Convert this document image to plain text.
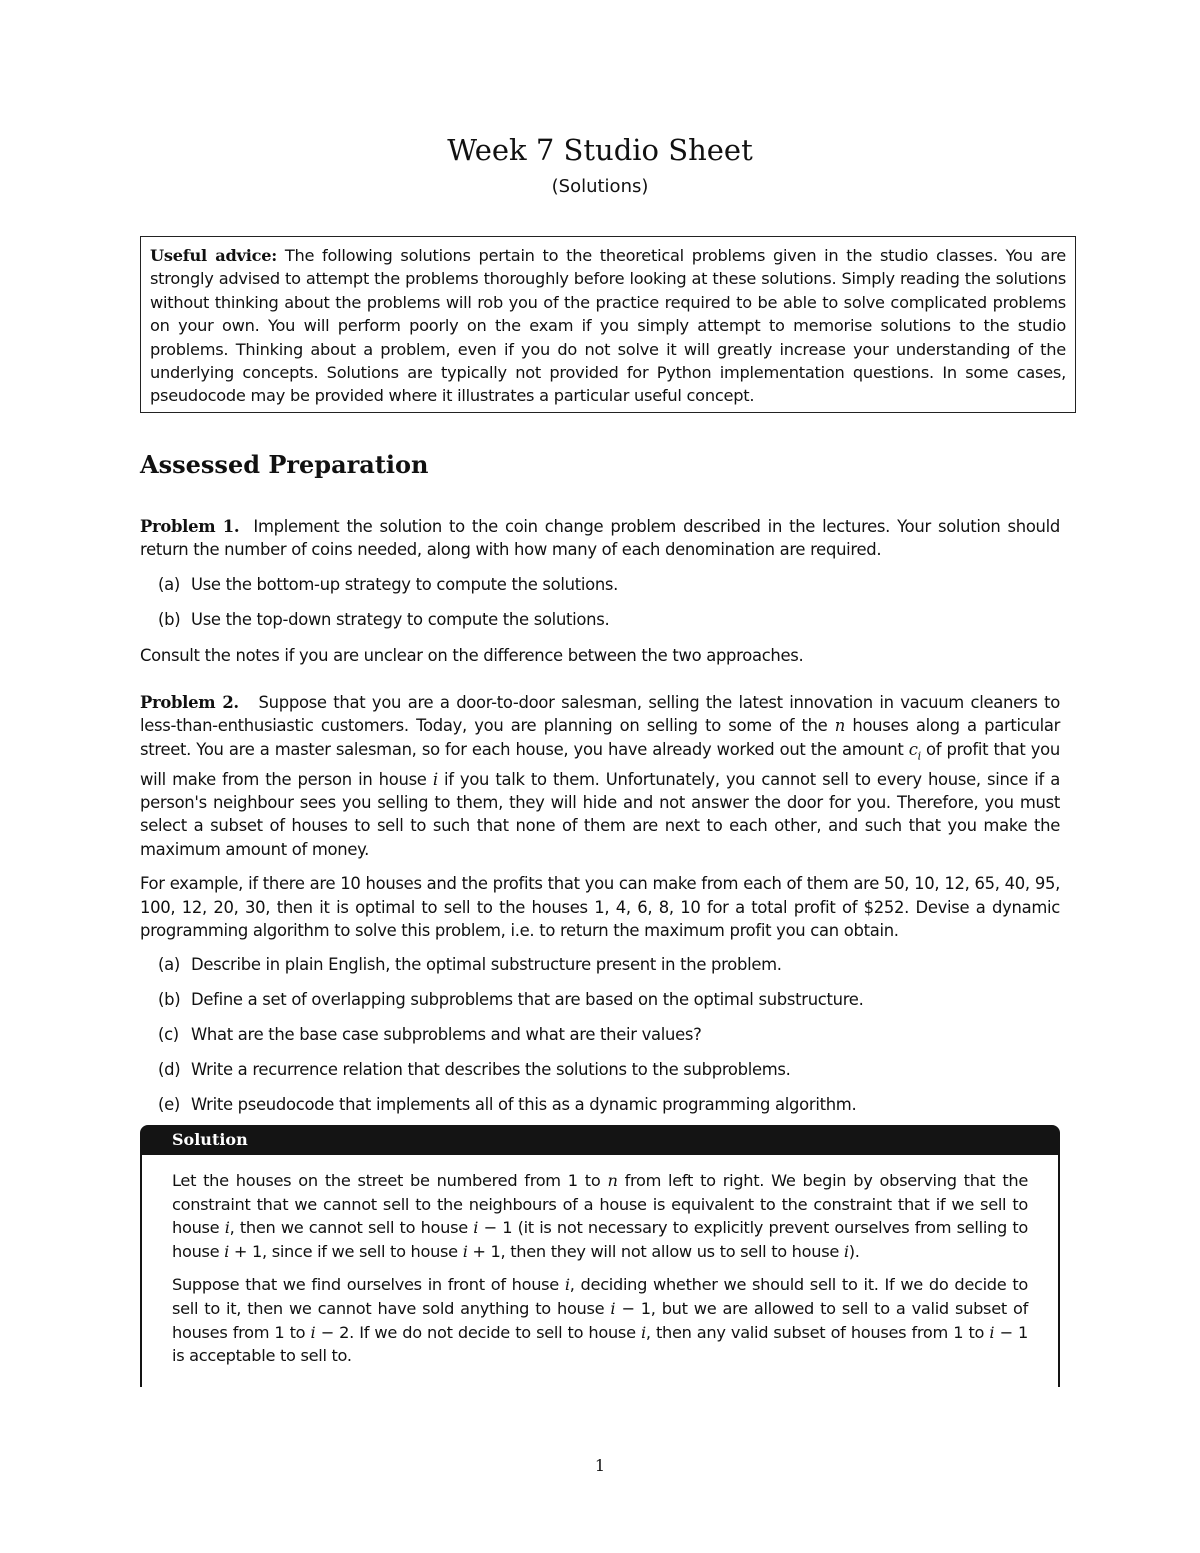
Week 7 Studio Sheet
(Solutions)
Useful advice: The following solutions pertain to the theoretical problems given in the studio classes. You are strongly advised to attempt the problems thoroughly before looking at these solutions. Simply reading the solutions without thinking about the problems will rob you of the practice required to be able to solve complicated problems on your own. You will perform poorly on the exam if you simply attempt to memorise solutions to the studio problems. Thinking about a problem, even if you do not solve it will greatly increase your understanding of the underlying concepts. Solutions are typically not provided for Python implementation questions. In some cases, pseudocode may be provided where it illustrates a particular useful concept.
Assessed Preparation

Problem 1. Implement the solution to the coin change problem described in the lectures. Your solution should return the number of coins needed, along with how many of each denomination are required.

(a) Use the bottom-up strategy to compute the solutions.
(b) Use the top-down strategy to compute the solutions.

Consult the notes if you are unclear on the difference between the two approaches.

Problem 2. Suppose that you are a door-to-door salesman, selling the latest innovation in vacuum cleaners to less-than-enthusiastic customers. Today, you are planning on selling to some of the n houses along a particular street. You are a master salesman, so for each house, you have already worked out the amount $c_i$ of profit that you will make from the person in house i if you talk to them. Unfortunately, you cannot sell to every house, since if a person's neighbour sees you selling to them, they will hide and not answer the door for you. Therefore, you must select a subset of houses to sell to such that none of them are next to each other, and such that you make the maximum amount of money.

For example, if there are 10 houses and the profits that you can make from each of them are 50, 10, 12, 65, 40, 95, 100, 12, 20, 30, then it is optimal to sell to the houses 1, 4, 6, 8, 10 for a total profit of $252. Devise a dynamic programming algorithm to solve this problem, i.e. to return the maximum profit you can obtain.

(a) Describe in plain English, the optimal substructure present in the problem.
(b) Define a set of overlapping subproblems that are based on the optimal substructure.
(c) What are the base case subproblems and what are their values?
(d) Write a recurrence relation that describes the solutions to the subproblems.
(e) Write pseudocode that implements all of this as a dynamic programming algorithm.
Solution

Let the houses on the street be numbered from 1 to n from left to right. We begin by observing that the constraint that we cannot sell to the neighbours of a house is equivalent to the constraint that if we sell to house i, then we cannot sell to house i − 1 (it is not necessary to explicitly prevent ourselves from selling to house i + 1, since if we sell to house i + 1, then they will not allow us to sell to house i).

Suppose that we find ourselves in front of house i, deciding whether we should sell to it. If we do decide to sell to it, then we cannot have sold anything to house i − 1, but we are allowed to sell to a valid subset of houses from 1 to i − 2. If we do not decide to sell to house i, then any valid subset of houses from 1 to i − 1 is acceptable to sell to.

1
